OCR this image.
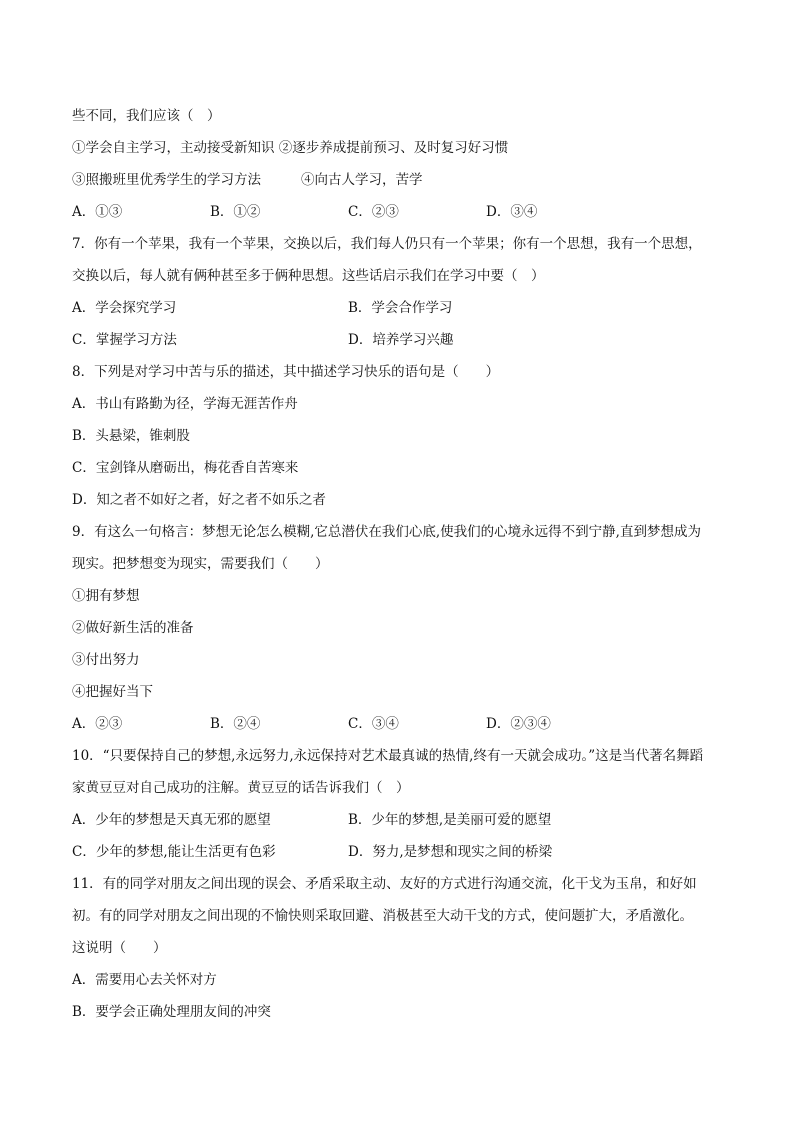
些不同，我们应该（　）
①学会自主学习，主动接受新知识 ②逐步养成提前预习、及时复习好习惯
③照搬班里优秀学生的学习方法	④向古人学习，苦学
A．①③	B．①②	C．②③	D．③④
7．你有一个苹果，我有一个苹果，交换以后，我们每人仍只有一个苹果；你有一个思想，我有一个思想，
交换以后，每人就有俩种甚至多于俩种思想。这些话启示我们在学习中要（　）
A．学会探究学习	B．学会合作学习
C．掌握学习方法	D．培养学习兴趣
8．下列是对学习中苦与乐的描述，其中描述学习快乐的语句是（　　）
A．书山有路勤为径，学海无涯苦作舟
B．头悬梁，锥刺股
C．宝剑锋从磨砺出，梅花香自苦寒来
D．知之者不如好之者，好之者不如乐之者
9．有这么一句格言：梦想无论怎么模糊,它总潜伏在我们心底,使我们的心境永远得不到宁静,直到梦想成为
现实。把梦想变为现实，需要我们（　　）
①拥有梦想
②做好新生活的准备
③付出努力
④把握好当下
A．②③	B．②④	C．③④	D．②③④
10．“只要保持自己的梦想,永远努力,永远保持对艺术最真诚的热情,终有一天就会成功。”这是当代著名舞蹈
家黄豆豆对自己成功的注解。黄豆豆的话告诉我们（　）
A．少年的梦想是天真无邪的愿望	B．少年的梦想,是美丽可爱的愿望
C．少年的梦想,能让生活更有色彩	D．努力,是梦想和现实之间的桥梁
11．有的同学对朋友之间出现的误会、矛盾采取主动、友好的方式进行沟通交流，化干戈为玉帛，和好如
初。有的同学对朋友之间出现的不愉快则采取回避、消极甚至大动干戈的方式，使问题扩大，矛盾激化。
这说明（　　）
A．需要用心去关怀对方
B．要学会正确处理朋友间的冲突
